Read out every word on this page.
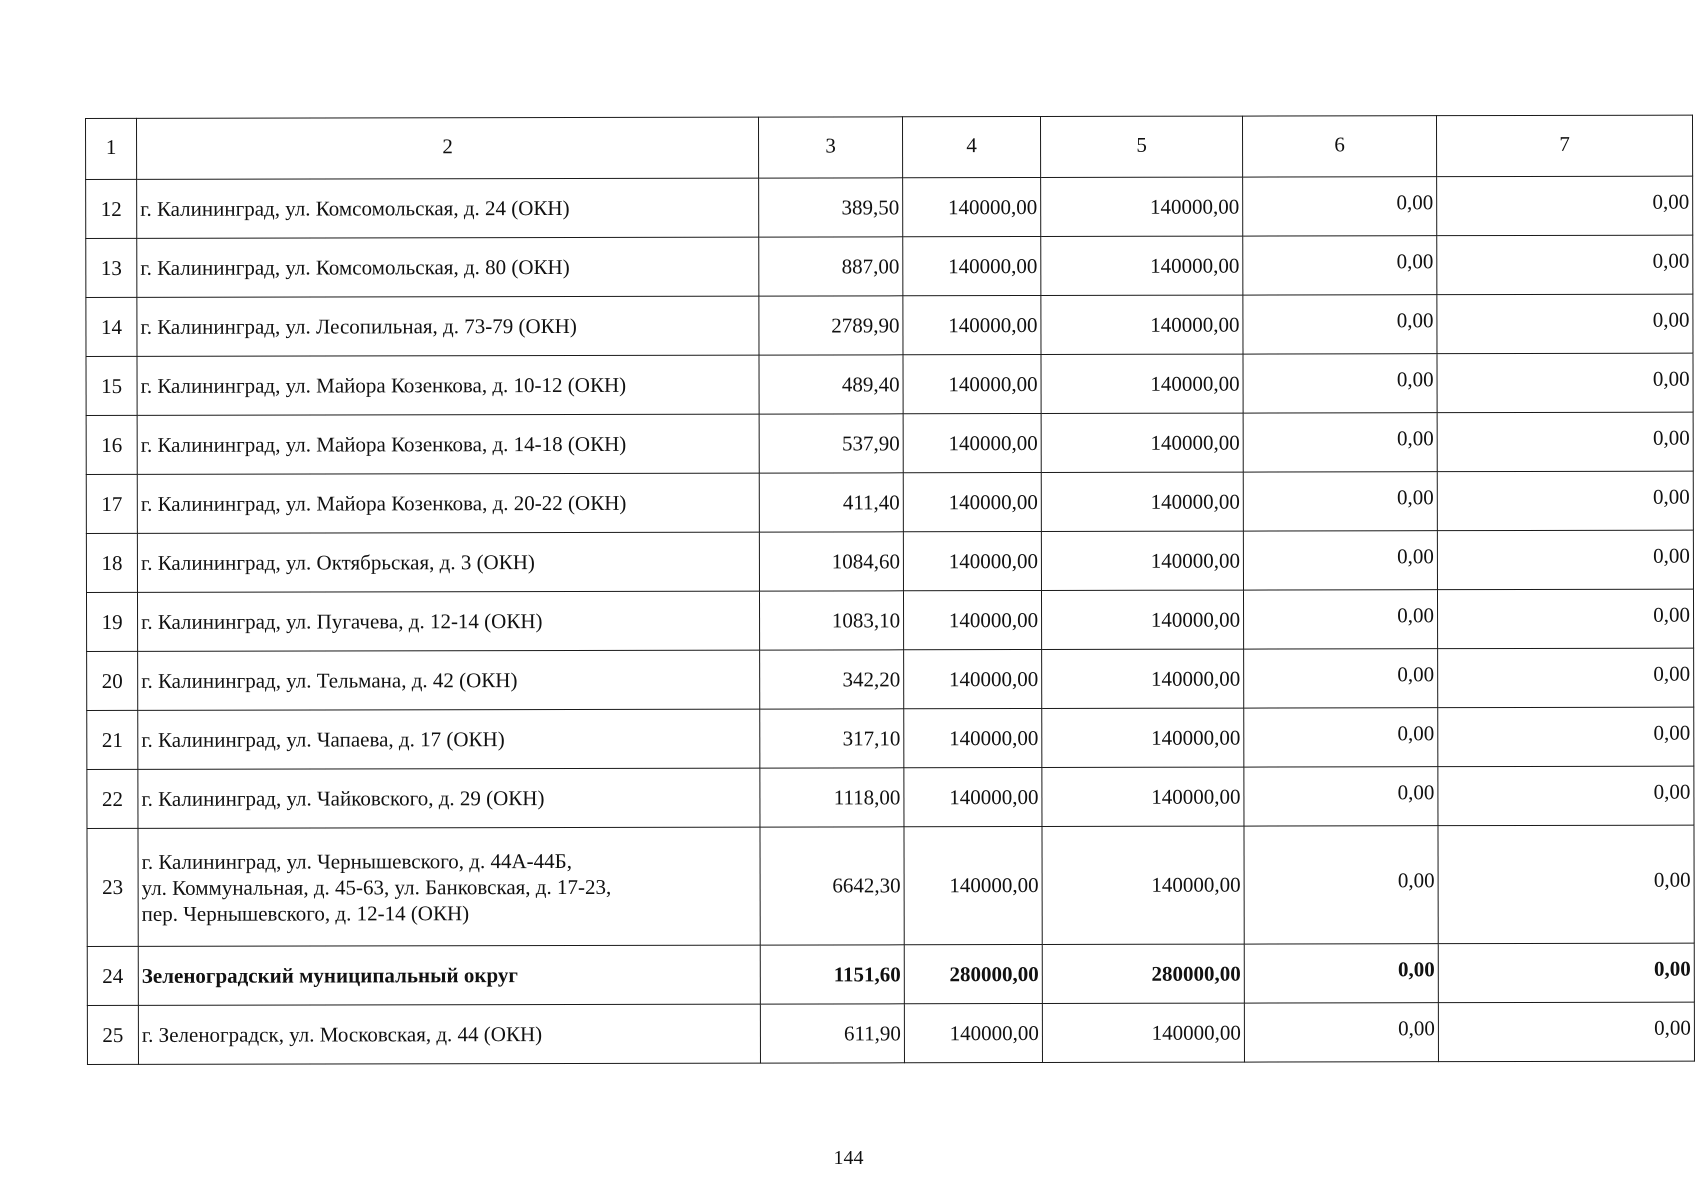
1	2	3	4	5	6	7
12	г. Калининград, ул. Комсомольская, д. 24 (ОКН)	389,50	140000,00	140000,00	0,00	0,00
13	г. Калининград, ул. Комсомольская, д. 80 (ОКН)	887,00	140000,00	140000,00	0,00	0,00
14	г. Калининград, ул. Лесопильная, д. 73-79 (ОКН)	2789,90	140000,00	140000,00	0,00	0,00
15	г. Калининград, ул. Майора Козенкова, д. 10-12 (ОКН)	489,40	140000,00	140000,00	0,00	0,00
16	г. Калининград, ул. Майора Козенкова, д. 14-18 (ОКН)	537,90	140000,00	140000,00	0,00	0,00
17	г. Калининград, ул. Майора Козенкова, д. 20-22 (ОКН)	411,40	140000,00	140000,00	0,00	0,00
18	г. Калининград, ул. Октябрьская, д. 3 (ОКН)	1084,60	140000,00	140000,00	0,00	0,00
19	г. Калининград, ул. Пугачева, д. 12-14 (ОКН)	1083,10	140000,00	140000,00	0,00	0,00
20	г. Калининград, ул. Тельмана, д. 42 (ОКН)	342,20	140000,00	140000,00	0,00	0,00
21	г. Калининград, ул. Чапаева, д. 17 (ОКН)	317,10	140000,00	140000,00	0,00	0,00
22	г. Калининград, ул. Чайковского, д. 29 (ОКН)	1118,00	140000,00	140000,00	0,00	0,00
23	г. Калининград, ул. Чернышевского, д. 44А-44Б,
ул. Коммунальная, д. 45-63, ул. Банковская, д. 17-23,
пер. Чернышевского, д. 12-14 (ОКН)	6642,30	140000,00	140000,00	0,00	0,00
24	Зеленоградский муниципальный округ	1151,60	280000,00	280000,00	0,00	0,00
25	г. Зеленоградск, ул. Московская, д. 44 (ОКН)	611,90	140000,00	140000,00	0,00	0,00
144
